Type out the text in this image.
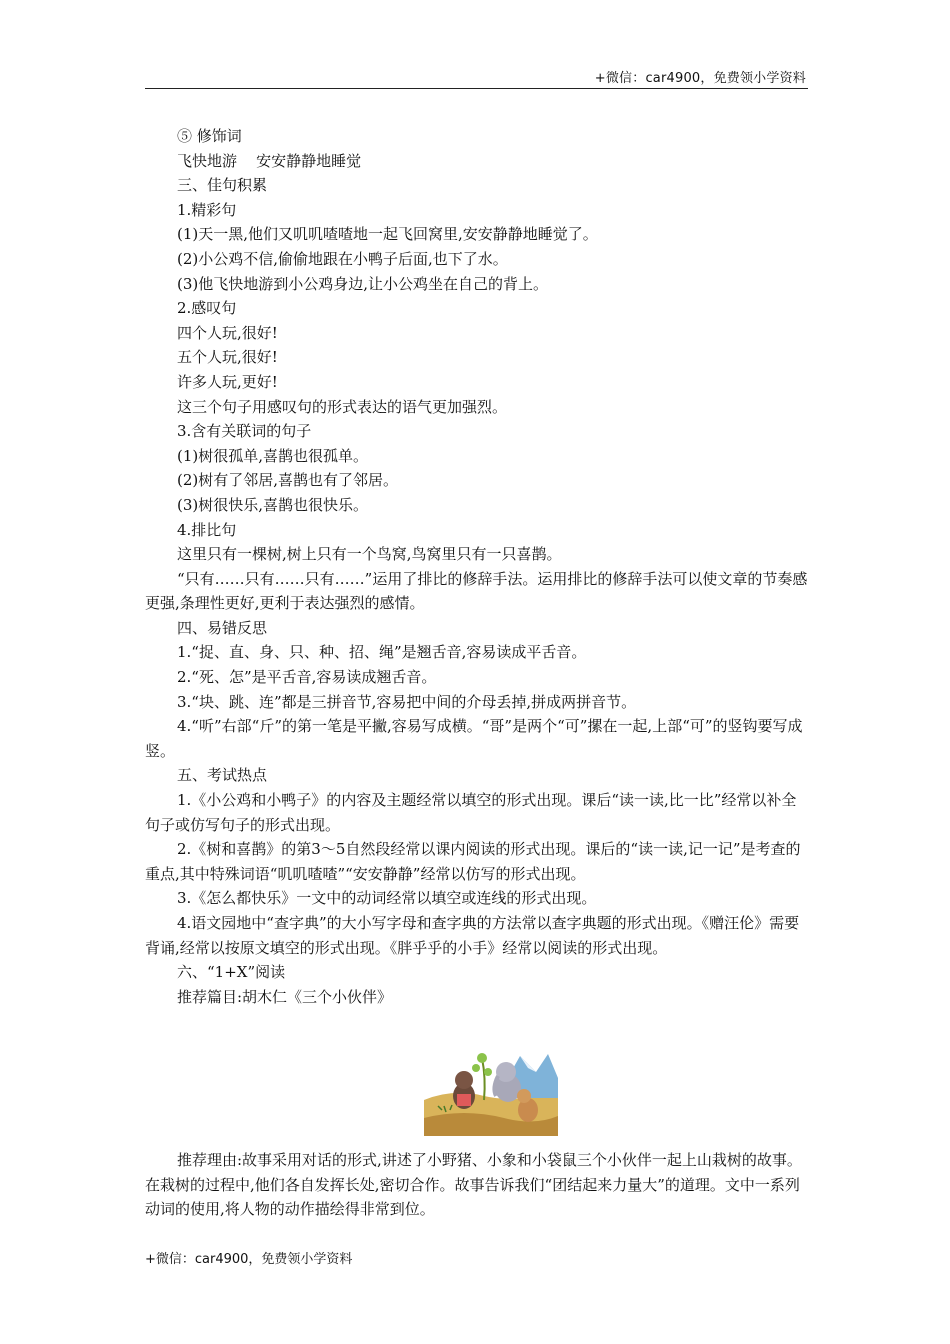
+微信：car4900，免费领小学资料

⑤ 修饰词

飞快地游    安安静静地睡觉

三、佳句积累

1.精彩句

(1)天一黑,他们又叽叽喳喳地一起飞回窝里,安安静静地睡觉了。

(2)小公鸡不信,偷偷地跟在小鸭子后面,也下了水。

(3)他飞快地游到小公鸡身边,让小公鸡坐在自己的背上。

2.感叹句

四个人玩,很好!

五个人玩,很好!

许多人玩,更好!

这三个句子用感叹句的形式表达的语气更加强烈。

3.含有关联词的句子

(1)树很孤单,喜鹊也很孤单。

(2)树有了邻居,喜鹊也有了邻居。

(3)树很快乐,喜鹊也很快乐。

4.排比句

这里只有一棵树,树上只有一个鸟窝,鸟窝里只有一只喜鹊。

“只有……只有……只有……”运用了排比的修辞手法。运用排比的修辞手法可以使文章的节奏感更强,条理性更好,更利于表达强烈的感情。

四、易错反思

1.“捉、直、身、只、种、招、绳”是翘舌音,容易读成平舌音。

2.“死、怎”是平舌音,容易读成翘舌音。

3.“块、跳、连”都是三拼音节,容易把中间的介母丢掉,拼成两拼音节。

4.“听”右部“斤”的第一笔是平撇,容易写成横。“哥”是两个“可”摞在一起,上部“可”的竖钩要写成竖。

五、考试热点

1.《小公鸡和小鸭子》的内容及主题经常以填空的形式出现。课后“读一读,比一比”经常以补全句子或仿写句子的形式出现。

2.《树和喜鹊》的第3～5自然段经常以课内阅读的形式出现。课后的“读一读,记一记”是考查的重点,其中特殊词语“叽叽喳喳”“安安静静”经常以仿写的形式出现。

3.《怎么都快乐》一文中的动词经常以填空或连线的形式出现。

4.语文园地中“查字典”的大小写字母和查字典的方法常以查字典题的形式出现。《赠汪伦》需要背诵,经常以按原文填空的形式出现。《胖乎乎的小手》经常以阅读的形式出现。

六、“1+X”阅读

推荐篇目:胡木仁《三个小伙伴》

推荐理由:故事采用对话的形式,讲述了小野猪、小象和小袋鼠三个小伙伴一起上山栽树的故事。在栽树的过程中,他们各自发挥长处,密切合作。故事告诉我们“团结起来力量大”的道理。文中一系列动词的使用,将人物的动作描绘得非常到位。

+微信：car4900，免费领小学资料
